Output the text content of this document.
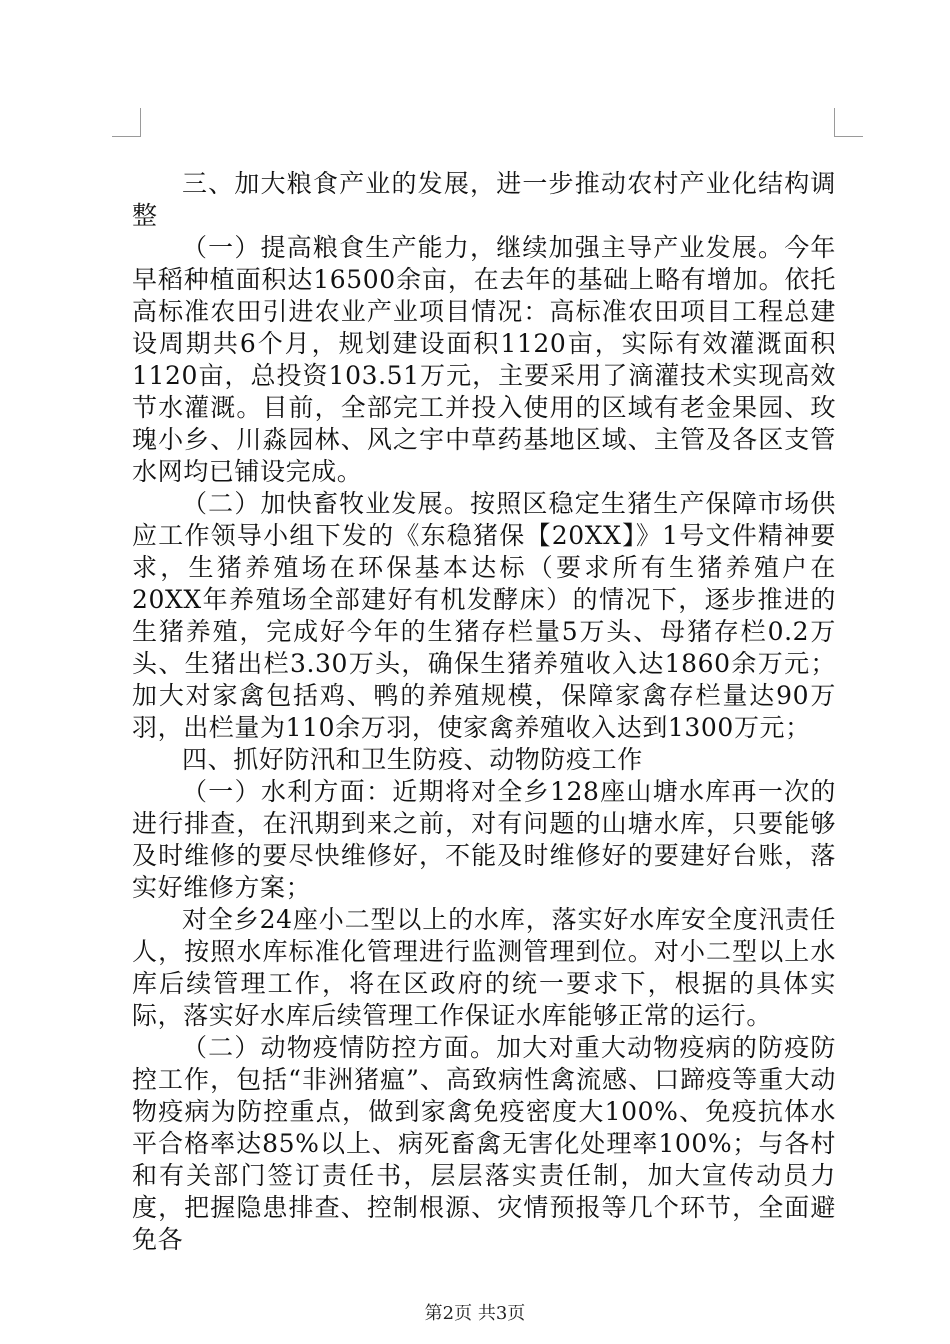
三、加大粮食产业的发展，进一步推动农村产业化结构调整

（一）提高粮食生产能力，继续加强主导产业发展。今年早稻种植面积达16500余亩，在去年的基础上略有增加。依托高标准农田引进农业产业项目情况：高标准农田项目工程总建设周期共6个月，规划建设面积1120亩，实际有效灌溉面积1120亩，总投资103.51万元，主要采用了滴灌技术实现高效节水灌溉。目前，全部完工并投入使用的区域有老金果园、玫瑰小乡、川淼园林、风之宇中草药基地区域、主管及各区支管水网均已铺设完成。

（二）加快畜牧业发展。按照区稳定生猪生产保障市场供应工作领导小组下发的《东稳猪保【20XX】》1号文件精神要求，生猪养殖场在环保基本达标（要求所有生猪养殖户在20XX年养殖场全部建好有机发酵床）的情况下，逐步推进的生猪养殖，完成好今年的生猪存栏量5万头、母猪存栏0.2万头、生猪出栏3.30万头，确保生猪养殖收入达1860余万元；加大对家禽包括鸡、鸭的养殖规模，保障家禽存栏量达90万羽，出栏量为110余万羽，使家禽养殖收入达到1300万元；

四、抓好防汛和卫生防疫、动物防疫工作

（一）水利方面：近期将对全乡128座山塘水库再一次的进行排查，在汛期到来之前，对有问题的山塘水库，只要能够及时维修的要尽快维修好，不能及时维修好的要建好台账，落实好维修方案；

对全乡24座小二型以上的水库，落实好水库安全度汛责任人，按照水库标准化管理进行监测管理到位。对小二型以上水库后续管理工作，将在区政府的统一要求下，根据的具体实际，落实好水库后续管理工作保证水库能够正常的运行。

（二）动物疫情防控方面。加大对重大动物疫病的防疫防控工作，包括“非洲猪瘟”、高致病性禽流感、口蹄疫等重大动物疫病为防控重点，做到家禽免疫密度大100%、免疫抗体水平合格率达85%以上、病死畜禽无害化处理率100%；与各村和有关部门签订责任书，层层落实责任制，加大宣传动员力度，把握隐患排查、控制根源、灾情预报等几个环节，全面避免各

第2页 共3页
